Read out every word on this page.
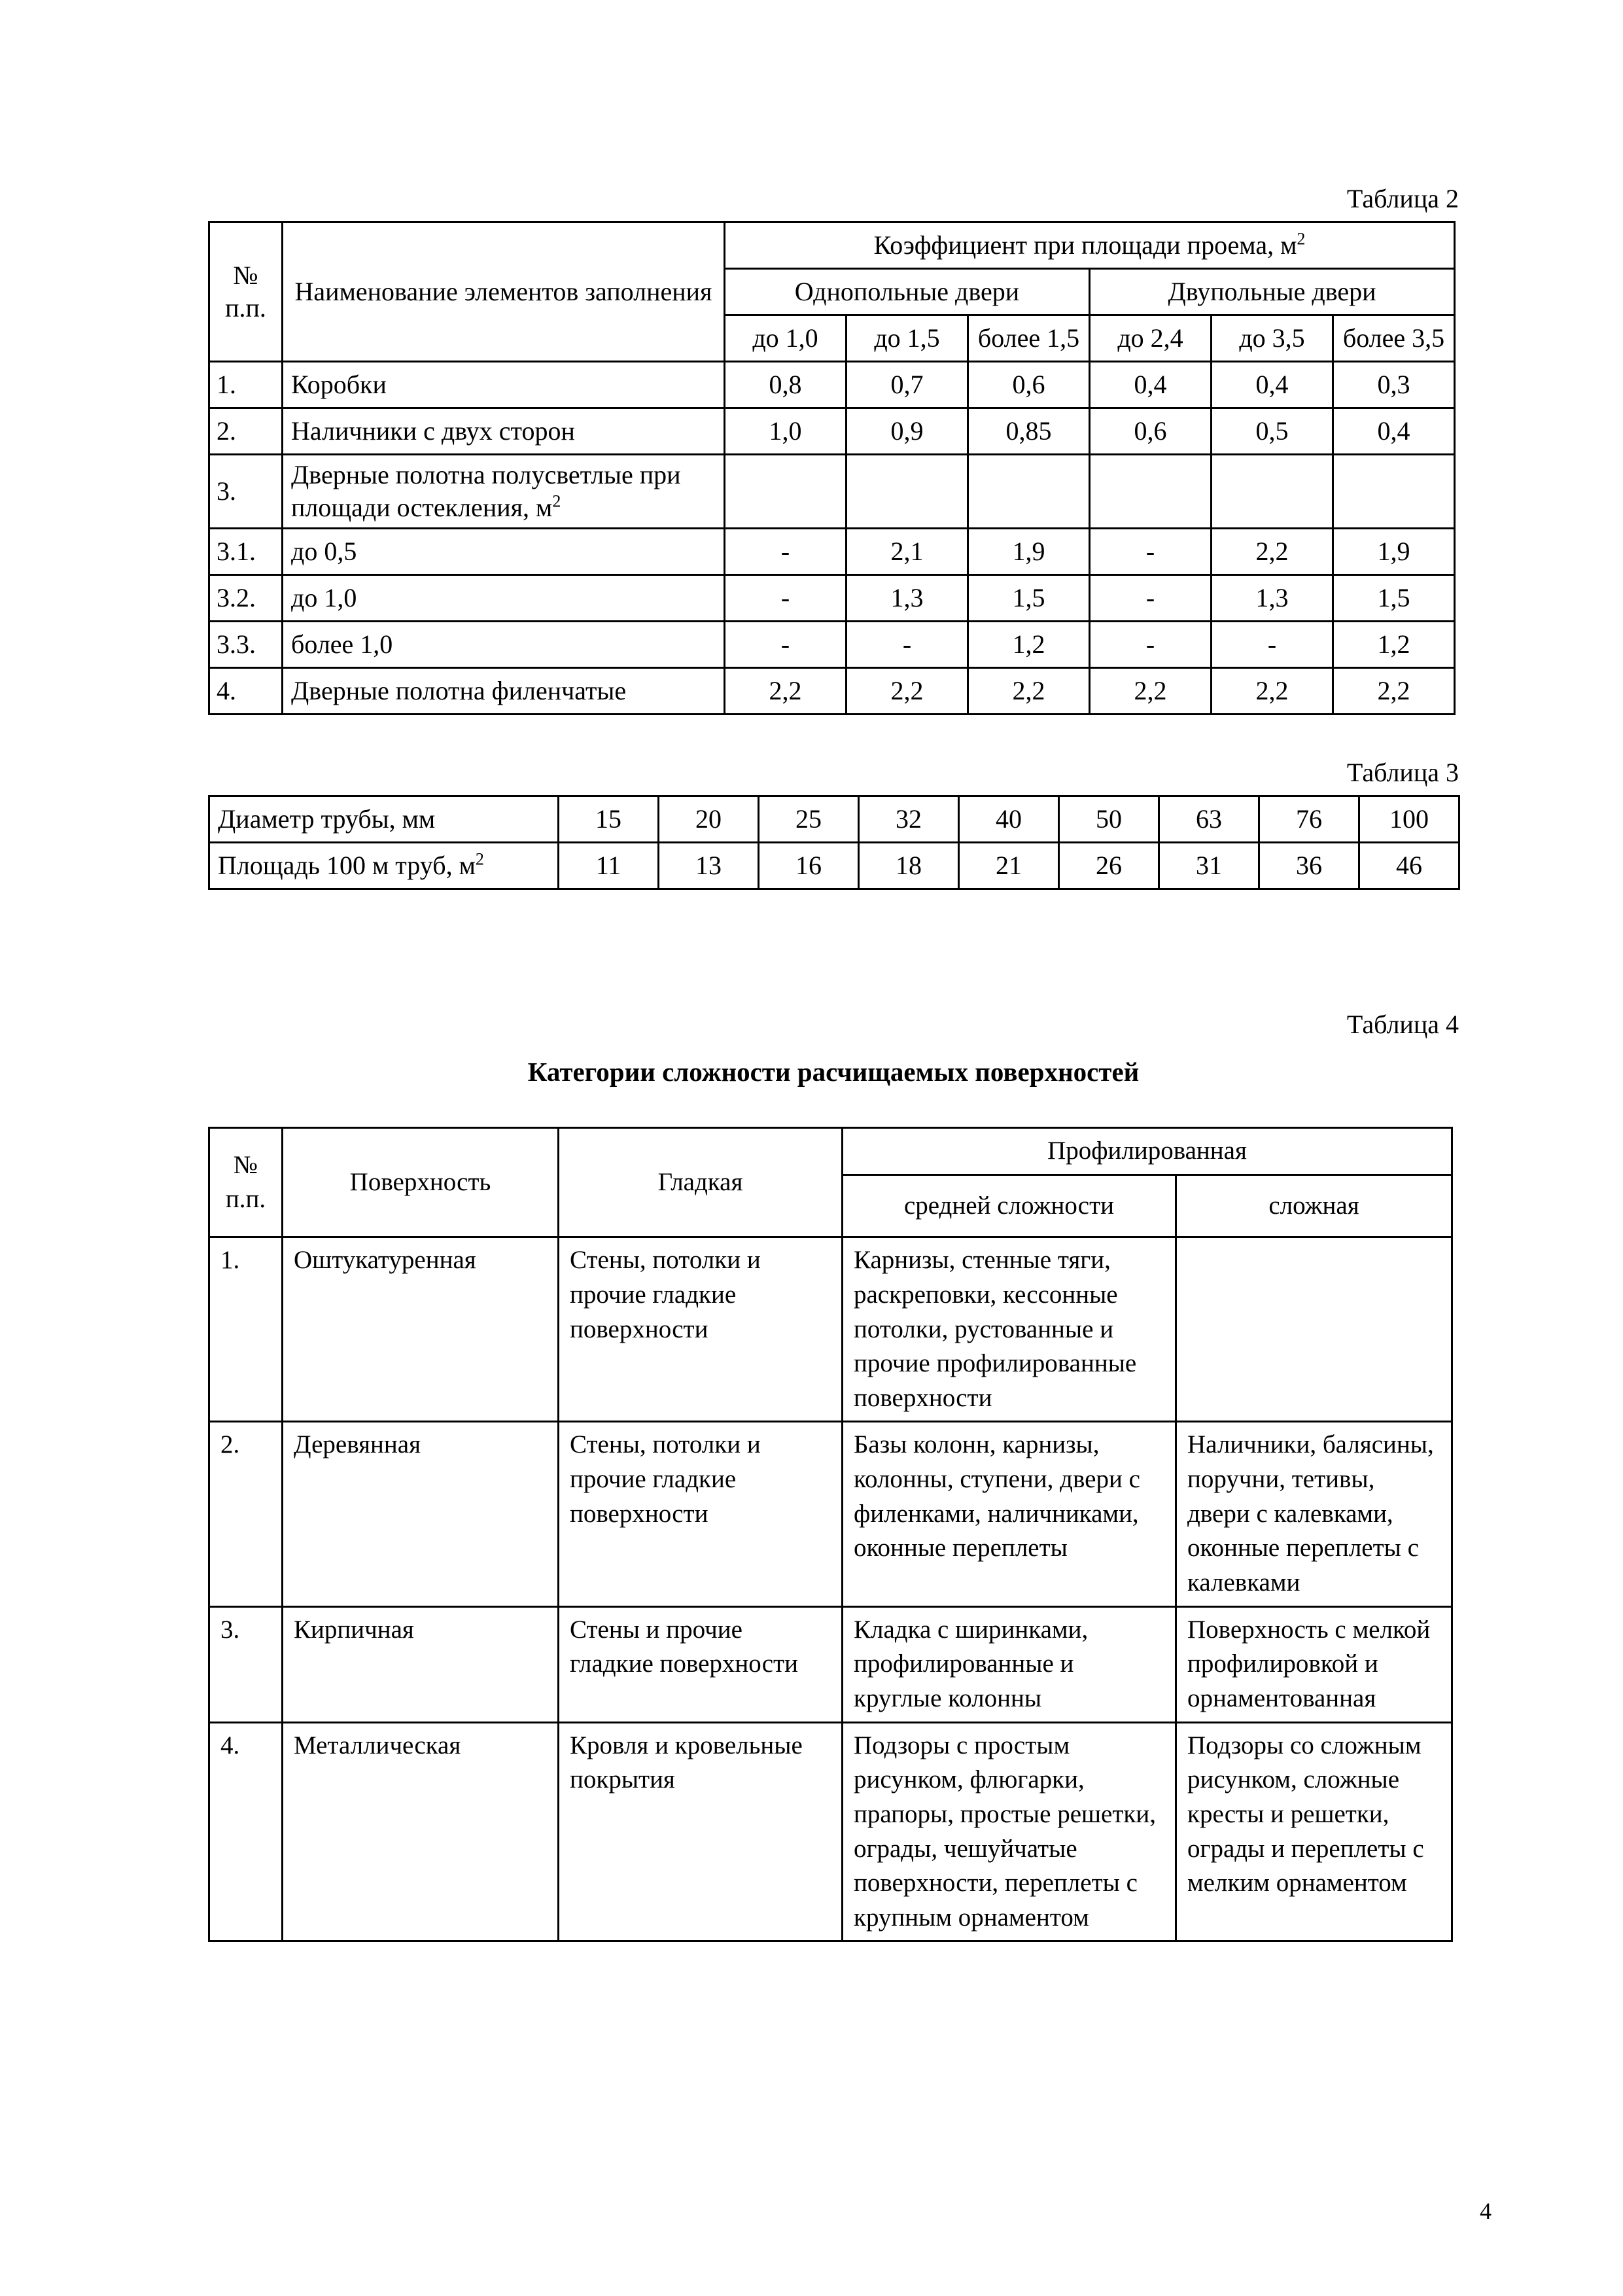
Таблица 2
№
п.п.	Наименование элементов заполнения	Коэффициент при площади проема, $м^2$
		Однопольные двери			Двупольные двери		
		до 1,0	до 1,5	более 1,5	до 2,4	до 3,5	более 3,5
1.	Коробки	0,8	0,7	0,6	0,4	0,4	0,3
2.	Наличники с двух сторон	1,0	0,9	0,85	0,6	0,5	0,4
3.	Дверные полотна полусветлые при площади остекления, $м^2$						
3.1.	до 0,5	-	2,1	1,9	-	2,2	1,9
3.2.	до 1,0	-	1,3	1,5	-	1,3	1,5
3.3.	более 1,0	-	-	1,2	-	-	1,2
4.	Дверные полотна филенчатые	2,2	2,2	2,2	2,2	2,2	2,2
Таблица 3
Диаметр трубы, мм	15	20	25	32	40	50	63	76	100
Площадь 100 м труб, $м^2$	11	13	16	18	21	26	31	36	46
Таблица 4
Категории сложности расчищаемых поверхностей
№
п.п.	Поверхность	Гладкая	Профилированная	
			средней сложности	сложная
1.	Оштукатуренная	Стены, потолки и прочие гладкие поверхности	Карнизы, стенные тяги, раскреповки, кессонные потолки, рустованные и прочие профилированные поверхности	
2.	Деревянная	Стены, потолки и прочие гладкие поверхности	Базы колонн, карнизы, колонны, ступени, двери с филенками, наличниками, оконные переплеты	Наличники, балясины, поручни, тетивы, двери с калевками, оконные переплеты с калевками
3.	Кирпичная	Стены и прочие гладкие поверхности	Кладка с ширинками, профилированные и круглые колонны	Поверхность с мелкой профилировкой и орнаментованная
4.	Металлическая	Кровля и кровельные покрытия	Подзоры с простым рисунком, флюгарки, прапоры, простые решетки, ограды, чешуйчатые поверхности, переплеты с крупным орнаментом	Подзоры со сложным рисунком, сложные кресты и решетки, ограды и переплеты с мелким орнаментом
4
